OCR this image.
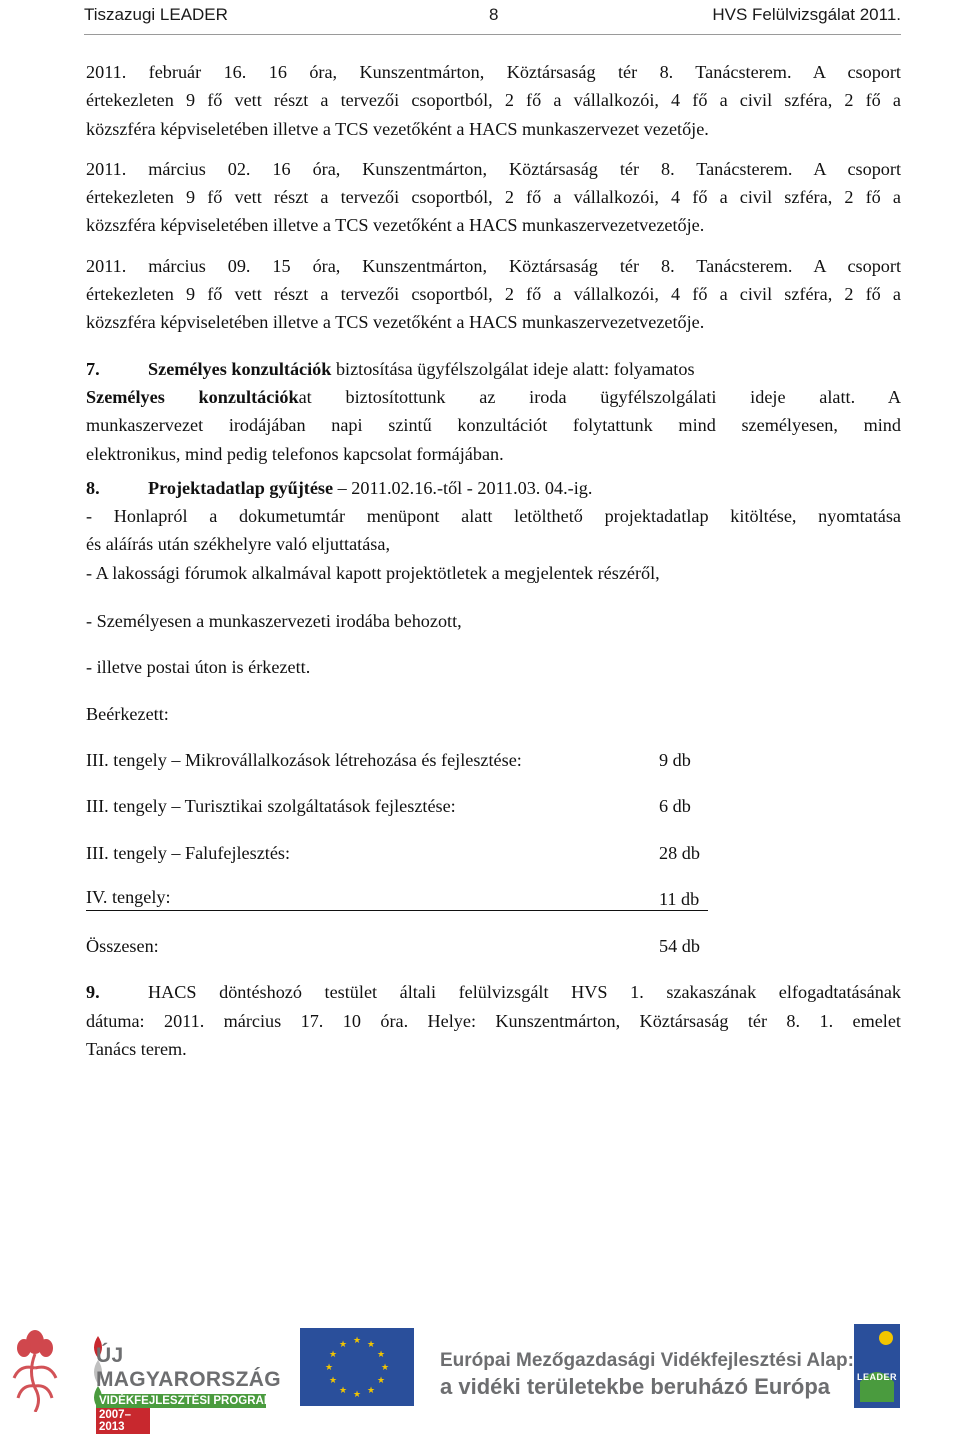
Tiszazugi LEADER	8	HVS Felülvizsgálat 2011.

2011. február 16. 16 óra, Kunszentmárton, Köztársaság tér 8. Tanácsterem. A csoport

értekezleten 9 fő vett részt a tervezői csoportból, 2 fő a vállalkozói, 4 fő a civil szféra, 2 fő a

közszféra képviseletében illetve a TCS vezetőként a HACS munkaszervezet vezetője.

2011. március 02. 16 óra, Kunszentmárton, Köztársaság tér 8. Tanácsterem. A csoport

értekezleten 9 fő vett részt a tervezői csoportból, 2 fő a vállalkozói, 4 fő a civil szféra, 2 fő a

közszféra képviseletében illetve a TCS vezetőként a HACS munkaszervezetvezetője.

2011. március 09. 15 óra, Kunszentmárton, Köztársaság tér 8. Tanácsterem. A csoport

értekezleten 9 fő vett részt a tervezői csoportból, 2 fő a vállalkozói, 4 fő a civil szféra, 2 fő a

közszféra képviseletében illetve a TCS vezetőként a HACS munkaszervezetvezetője.

7.	Személyes konzultációk biztosítása ügyfélszolgálat ideje alatt: folyamatos

Személyes konzultációkat biztosítottunk az iroda ügyfélszolgálati ideje alatt. A

munkaszervezet irodájában napi szintű konzultációt folytattunk mind személyesen, mind

elektronikus, mind pedig telefonos kapcsolat formájában.

8.	Projektadatlap gyűjtése – 2011.02.16.-től - 2011.03. 04.-ig.

- Honlapról a dokumetumtár menüpont alatt letölthető projektadatlap kitöltése, nyomtatása

és aláírás után székhelyre való eljuttatása,

- A lakossági fórumok alkalmával kapott projektötletek a megjelentek részéről,

- Személyesen a munkaszervezeti irodába behozott,

- illetve postai úton is érkezett.

Beérkezett:

III. tengely – Mikrovállalkozások létrehozása és fejlesztése:	9 db
III. tengely – Turisztikai szolgáltatások fejlesztése:	6 db
III. tengely – Falufejlesztés:	28 db
IV. tengely:	11 db
Összesen:	54 db

9.	HACS döntéshozó testület általi felülvizsgált HVS 1. szakaszának elfogadtatásának

dátuma: 2011. március 17. 10 óra. Helye: Kunszentmárton, Köztársaság tér 8. 1. emelet

Tanács terem.

ÚJ MAGYARORSZÁG
VIDÉKFEJLESZTÉSI PROGRAM
2007–2013
★ ★
★
★
★
★
★
★
★
★
★
★
Európai Mezőgazdasági Vidékfejlesztési Alap:
a vidéki területekbe beruházó Európa	LEADER
